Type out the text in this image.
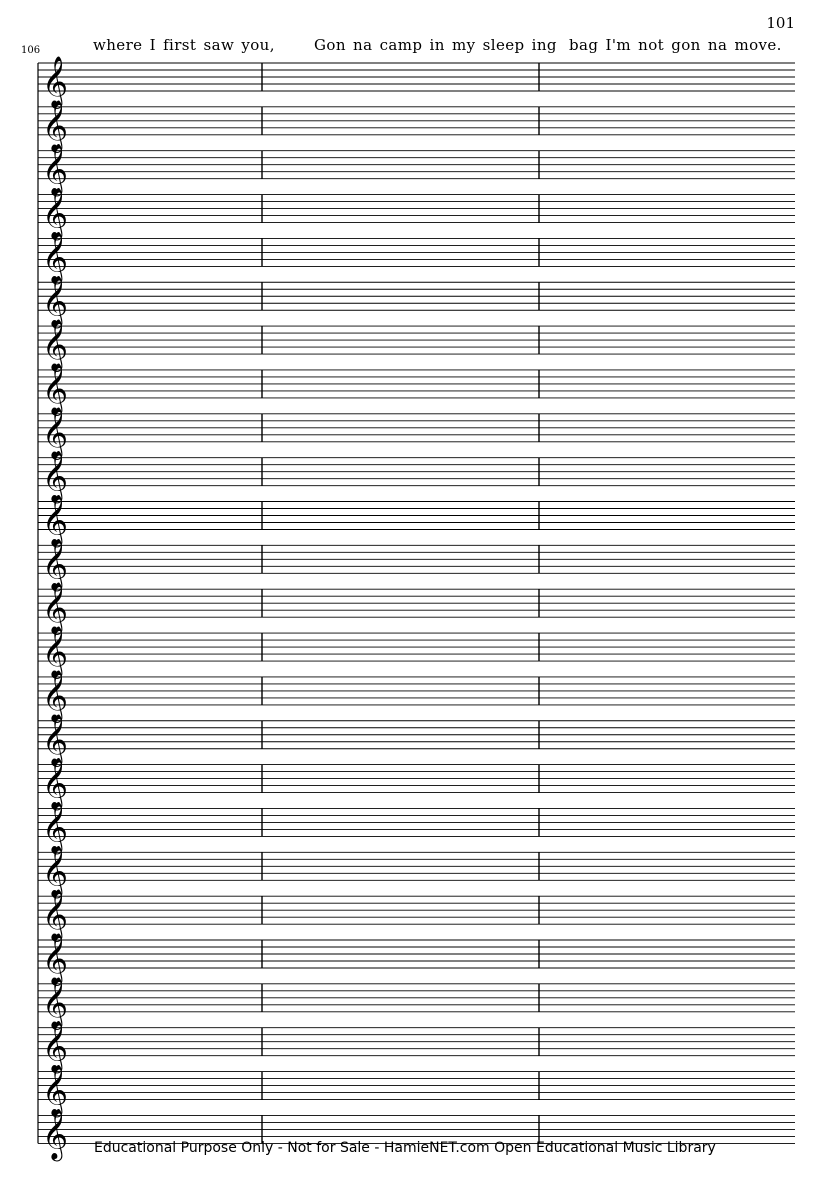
101
106	where I first saw you,	Gon na camp in my sleep ing bag I'm not gon na move.
𝄞
𝄞
𝄞
𝄞
𝄞
𝄞
𝄞
𝄞
𝄞
𝄞
𝄞
𝄞
𝄞
𝄞
𝄞
𝄞
𝄞
𝄞
𝄞
𝄞
𝄞
𝄞
𝄞
𝄞
𝄞 Educational Purpose Only - Not for Sale - HamieNET.com Open Educational Music Library
